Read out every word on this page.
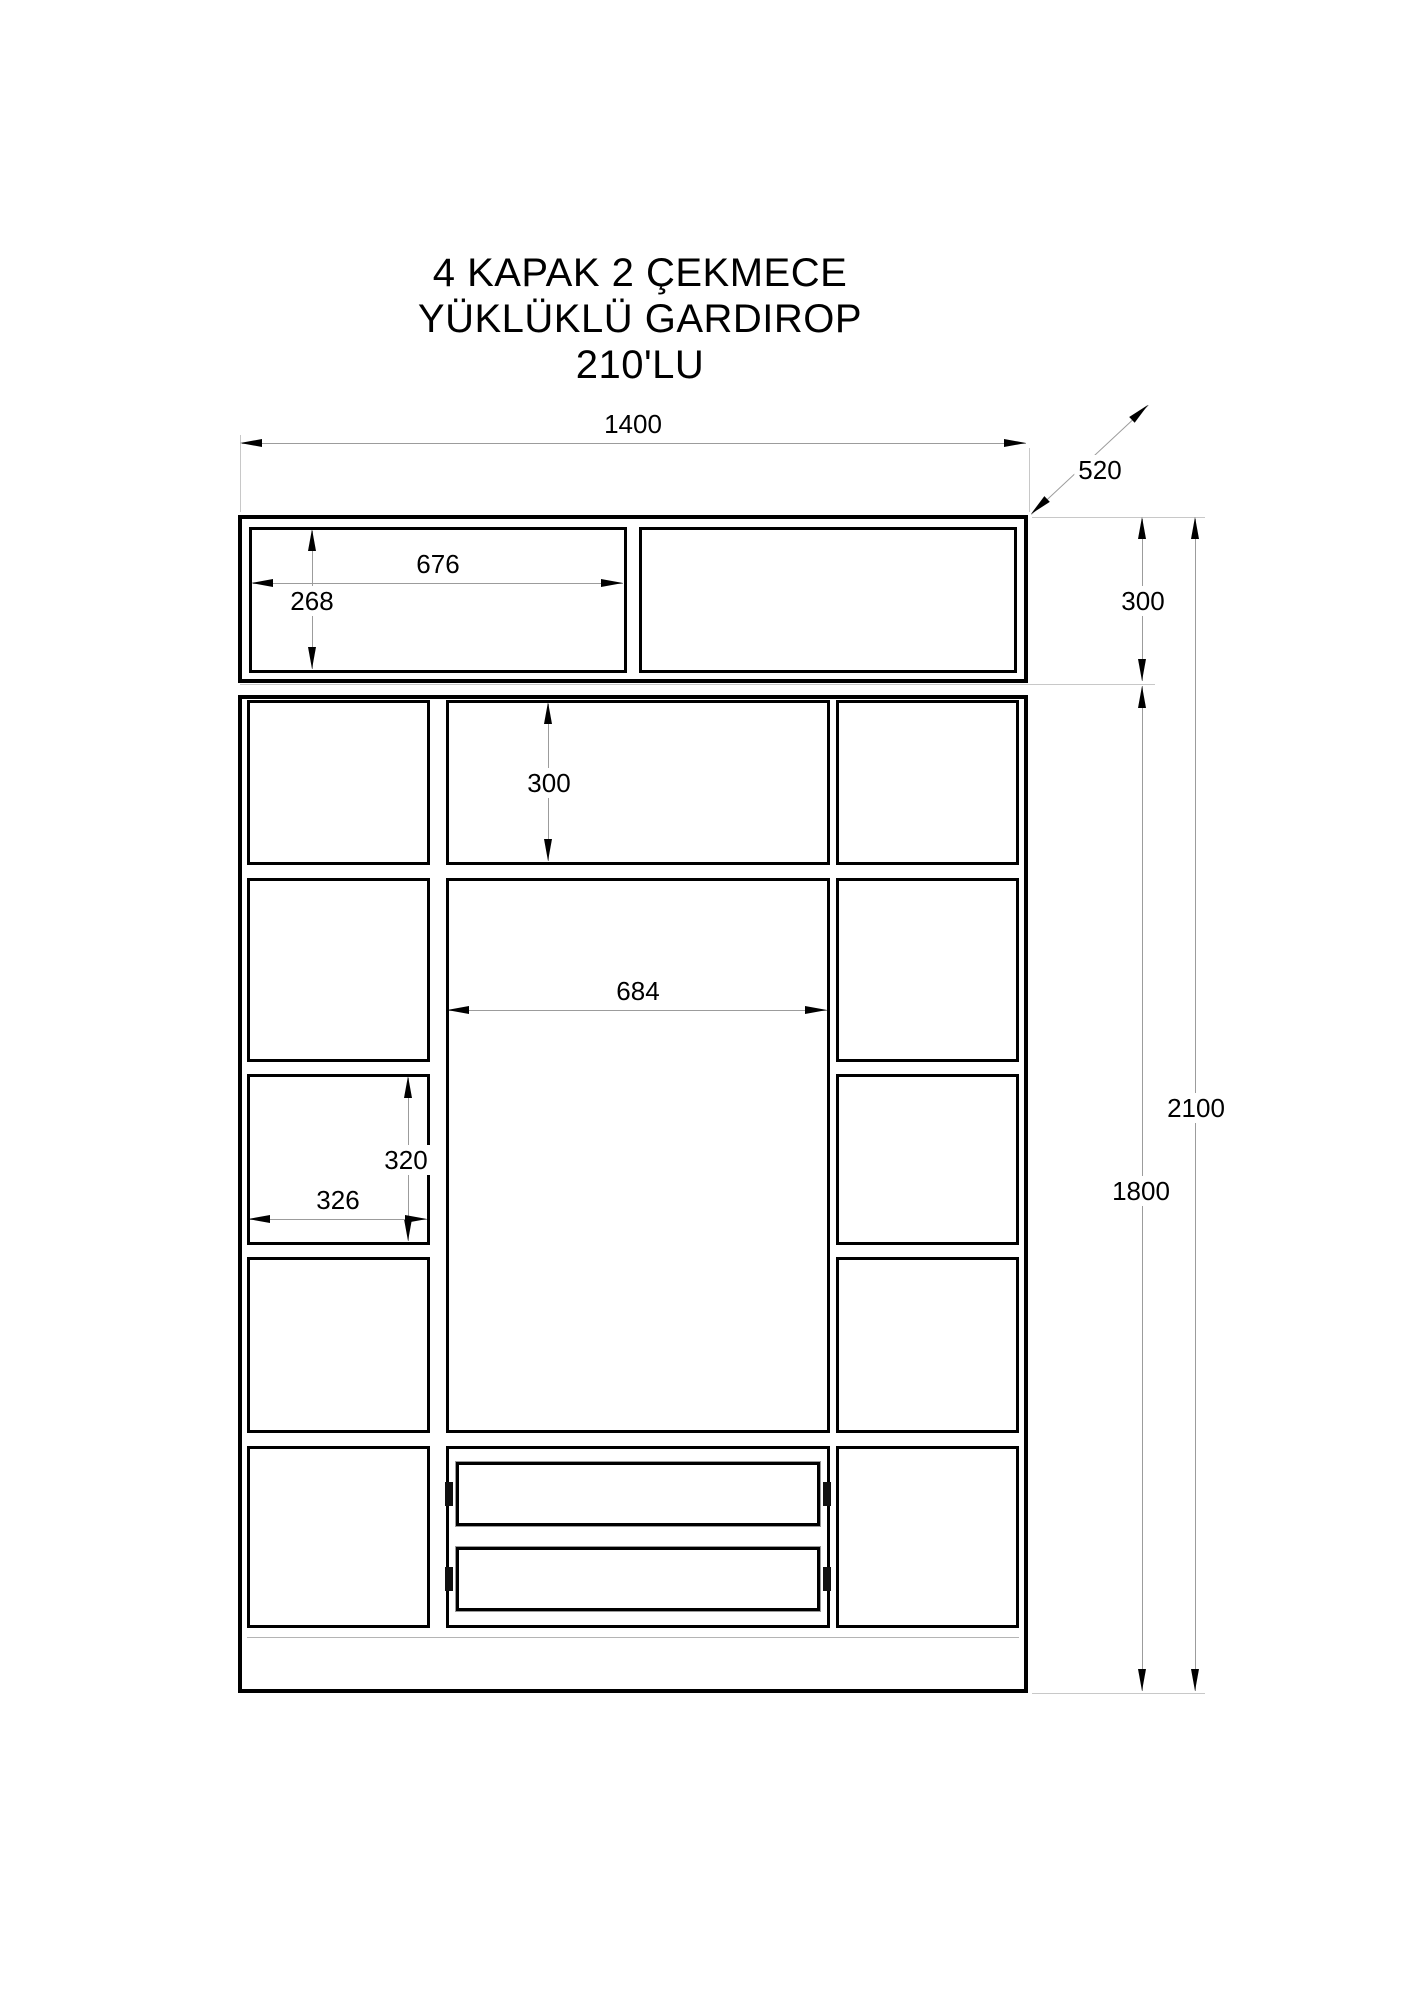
4 KAPAK 2 ÇEKMECE
YÜKLÜKLÜ GARDIROP
210'LU
1400
520
300
1800
2100
676
268
300
684
320
326
